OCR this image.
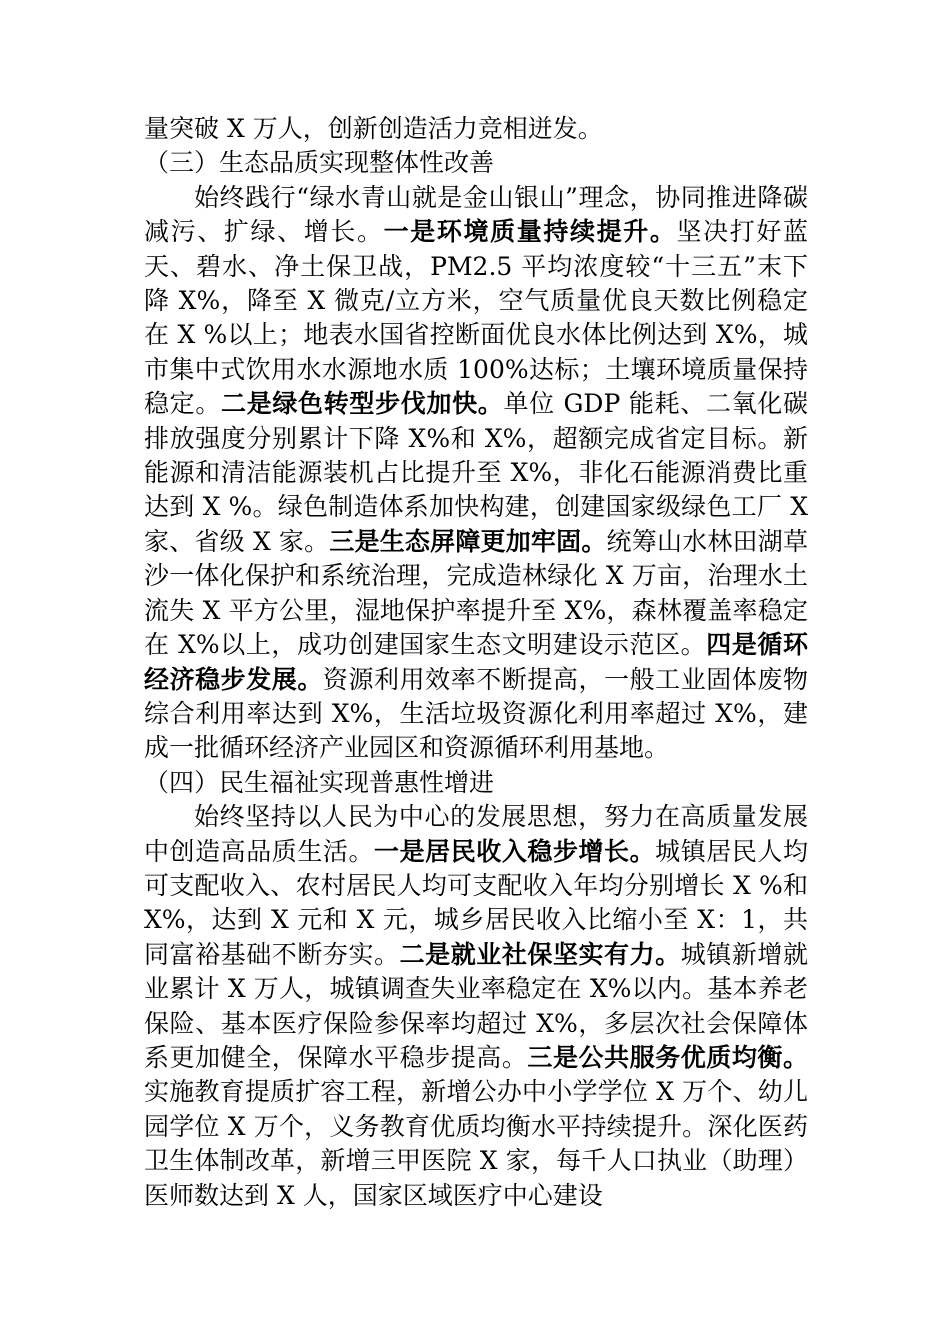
量突破 X 万人，创新创造活力竞相迸发。

（三）生态品质实现整体性改善

始终践行“绿水青山就是金山银山”理念，协同推进降碳减污、扩绿、增长。一是环境质量持续提升。坚决打好蓝天、碧水、净土保卫战，PM2.5 平均浓度较“十三五”末下降 X%，降至 X 微克/立方米，空气质量优良天数比例稳定在 X %以上；地表水国省控断面优良水体比例达到 X%，城市集中式饮用水水源地水质 100%达标；土壤环境质量保持稳定。二是绿色转型步伐加快。单位 GDP 能耗、二氧化碳排放强度分别累计下降 X%和 X%，超额完成省定目标。新能源和清洁能源装机占比提升至 X%，非化石能源消费比重达到 X %。绿色制造体系加快构建，创建国家级绿色工厂 X 家、省级 X 家。三是生态屏障更加牢固。统筹山水林田湖草沙一体化保护和系统治理，完成造林绿化 X 万亩，治理水土流失 X 平方公里，湿地保护率提升至 X%，森林覆盖率稳定在 X%以上，成功创建国家生态文明建设示范区。四是循环经济稳步发展。资源利用效率不断提高，一般工业固体废物综合利用率达到 X%，生活垃圾资源化利用率超过 X%，建成一批循环经济产业园区和资源循环利用基地。

（四）民生福祉实现普惠性增进

始终坚持以人民为中心的发展思想，努力在高质量发展中创造高品质生活。一是居民收入稳步增长。城镇居民人均可支配收入、农村居民人均可支配收入年均分别增长 X %和 X%，达到 X 元和 X 元，城乡居民收入比缩小至 X：1，共同富裕基础不断夯实。二是就业社保坚实有力。城镇新增就业累计 X 万人，城镇调查失业率稳定在 X%以内。基本养老保险、基本医疗保险参保率均超过 X%，多层次社会保障体系更加健全，保障水平稳步提高。三是公共服务优质均衡。实施教育提质扩容工程，新增公办中小学学位 X 万个、幼儿园学位 X 万个，义务教育优质均衡水平持续提升。深化医药卫生体制改革，新增三甲医院 X 家，每千人口执业（助理）医师数达到 X 人，国家区域医疗中心建设
